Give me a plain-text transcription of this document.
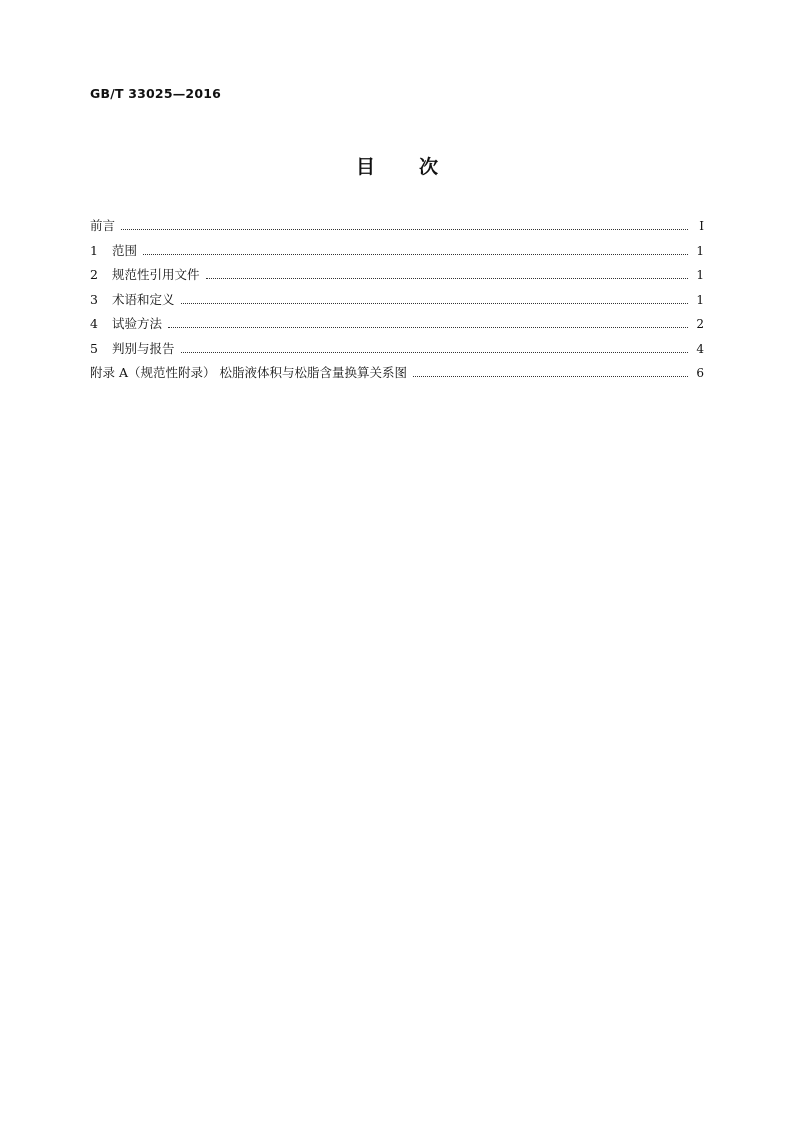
GB/T 33025—2016
目 次
前言	Ⅰ
1	范围	1
2	规范性引用文件	1
3	术语和定义	1
4	试验方法	2
5	判别与报告	4
附录 A（规范性附录） 松脂液体积与松脂含量换算关系图	6
